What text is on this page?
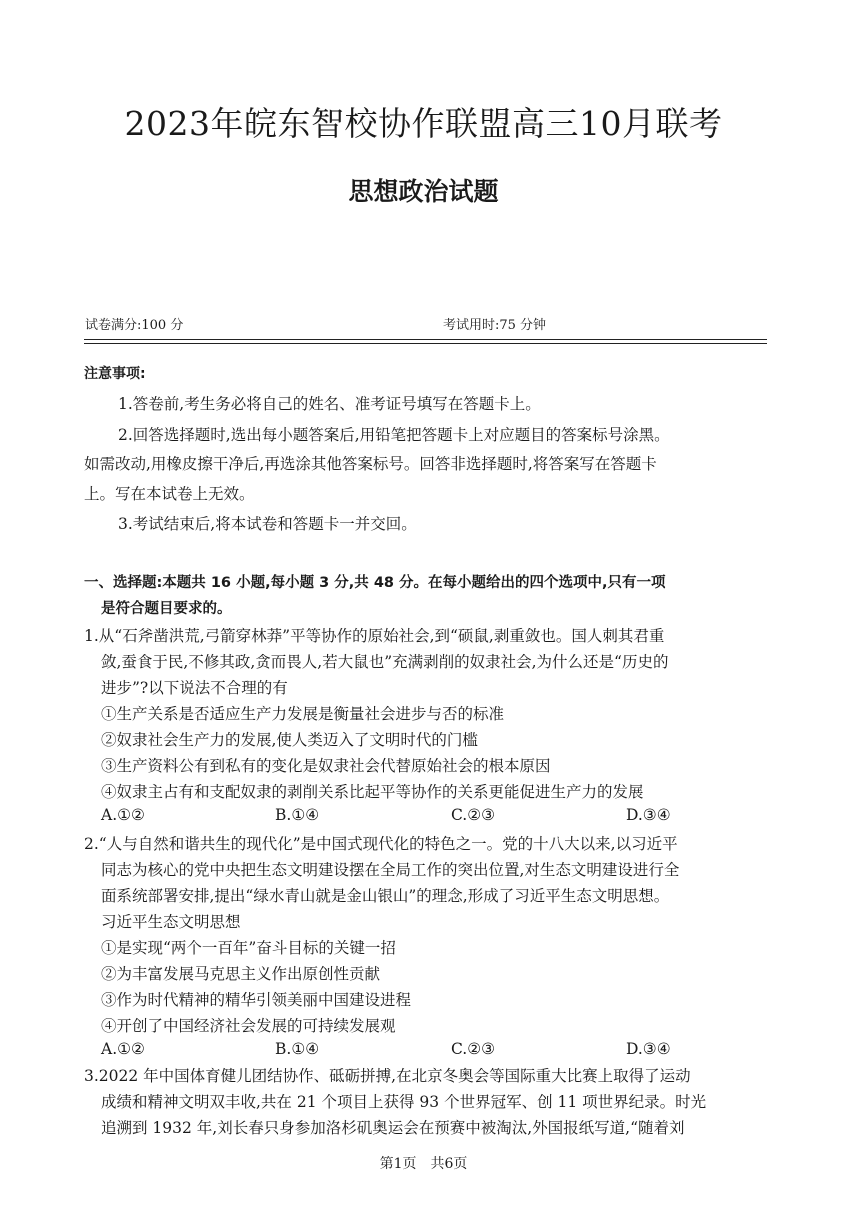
2023年皖东智校协作联盟高三10月联考
思想政治试题
试卷满分:100 分	考试用时:75 分钟
注意事项:
1.答卷前,考生务必将自己的姓名、准考证号填写在答题卡上。
2.回答选择题时,选出每小题答案后,用铅笔把答题卡上对应题目的答案标号涂黑。
如需改动,用橡皮擦干净后,再选涂其他答案标号。回答非选择题时,将答案写在答题卡
上。写在本试卷上无效。
3.考试结束后,将本试卷和答题卡一并交回。
一、选择题:本题共 16 小题,每小题 3 分,共 48 分。在每小题给出的四个选项中,只有一项
是符合题目要求的。
1.从“石斧凿洪荒,弓箭穿林莽”平等协作的原始社会,到“硕鼠,剥重敛也。国人刺其君重
敛,蚕食于民,不修其政,贪而畏人,若大鼠也”充满剥削的奴隶社会,为什么还是“历史的
进步”?以下说法不合理的有
①生产关系是否适应生产力发展是衡量社会进步与否的标准
②奴隶社会生产力的发展,使人类迈入了文明时代的门槛
③生产资料公有到私有的变化是奴隶社会代替原始社会的根本原因
④奴隶主占有和支配奴隶的剥削关系比起平等协作的关系更能促进生产力的发展
A.①②	B.①④	C.②③	D.③④
2.“人与自然和谐共生的现代化”是中国式现代化的特色之一。党的十八大以来,以习近平
同志为核心的党中央把生态文明建设摆在全局工作的突出位置,对生态文明建设进行全
面系统部署安排,提出“绿水青山就是金山银山”的理念,形成了习近平生态文明思想。
习近平生态文明思想
①是实现“两个一百年”奋斗目标的关键一招
②为丰富发展马克思主义作出原创性贡献
③作为时代精神的精华引领美丽中国建设进程
④开创了中国经济社会发展的可持续发展观
A.①②	B.①④	C.②③	D.③④
3.2022 年中国体育健儿团结协作、砥砺拼搏,在北京冬奥会等国际重大比赛上取得了运动
成绩和精神文明双丰收,共在 21 个项目上获得 93 个世界冠军、创 11 项世界纪录。时光
追溯到 1932 年,刘长春只身参加洛杉矶奥运会在预赛中被淘汰,外国报纸写道,“随着刘
第1页　共6页
